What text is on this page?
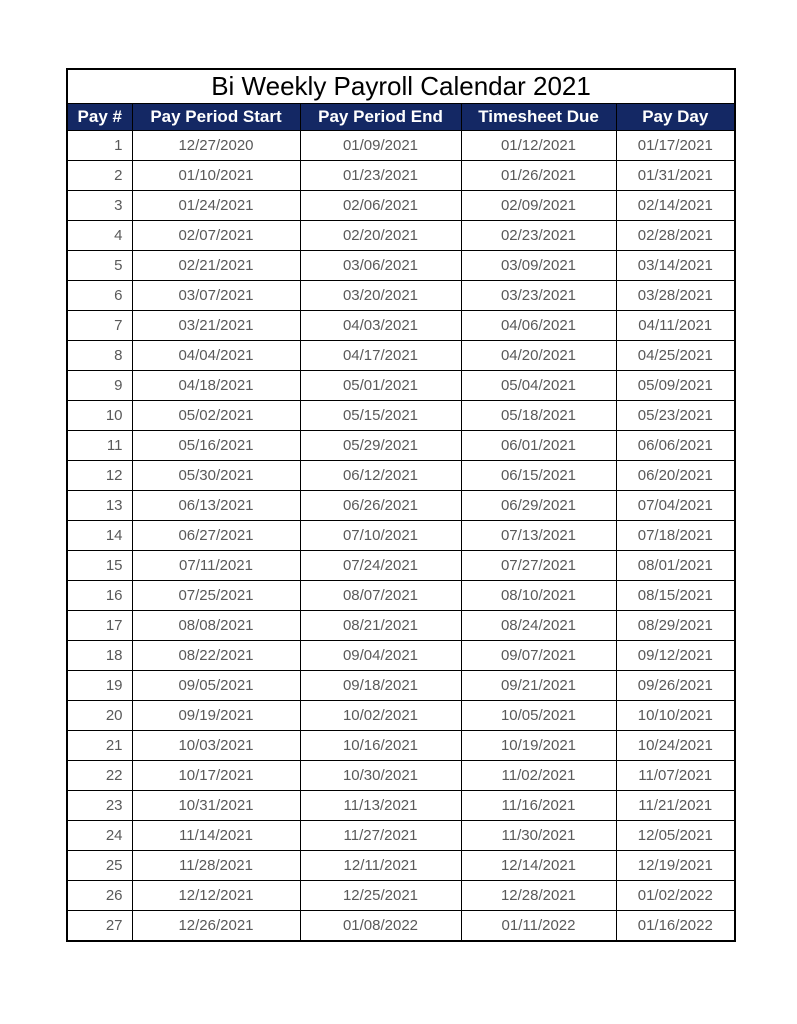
Bi Weekly Payroll Calendar 2021				
Pay #	Pay Period Start	Pay Period End	Timesheet Due	Pay Day
1	12/27/2020	01/09/2021	01/12/2021	01/17/2021
2	01/10/2021	01/23/2021	01/26/2021	01/31/2021
3	01/24/2021	02/06/2021	02/09/2021	02/14/2021
4	02/07/2021	02/20/2021	02/23/2021	02/28/2021
5	02/21/2021	03/06/2021	03/09/2021	03/14/2021
6	03/07/2021	03/20/2021	03/23/2021	03/28/2021
7	03/21/2021	04/03/2021	04/06/2021	04/11/2021
8	04/04/2021	04/17/2021	04/20/2021	04/25/2021
9	04/18/2021	05/01/2021	05/04/2021	05/09/2021
10	05/02/2021	05/15/2021	05/18/2021	05/23/2021
11	05/16/2021	05/29/2021	06/01/2021	06/06/2021
12	05/30/2021	06/12/2021	06/15/2021	06/20/2021
13	06/13/2021	06/26/2021	06/29/2021	07/04/2021
14	06/27/2021	07/10/2021	07/13/2021	07/18/2021
15	07/11/2021	07/24/2021	07/27/2021	08/01/2021
16	07/25/2021	08/07/2021	08/10/2021	08/15/2021
17	08/08/2021	08/21/2021	08/24/2021	08/29/2021
18	08/22/2021	09/04/2021	09/07/2021	09/12/2021
19	09/05/2021	09/18/2021	09/21/2021	09/26/2021
20	09/19/2021	10/02/2021	10/05/2021	10/10/2021
21	10/03/2021	10/16/2021	10/19/2021	10/24/2021
22	10/17/2021	10/30/2021	11/02/2021	11/07/2021
23	10/31/2021	11/13/2021	11/16/2021	11/21/2021
24	11/14/2021	11/27/2021	11/30/2021	12/05/2021
25	11/28/2021	12/11/2021	12/14/2021	12/19/2021
26	12/12/2021	12/25/2021	12/28/2021	01/02/2022
27	12/26/2021	01/08/2022	01/11/2022	01/16/2022
